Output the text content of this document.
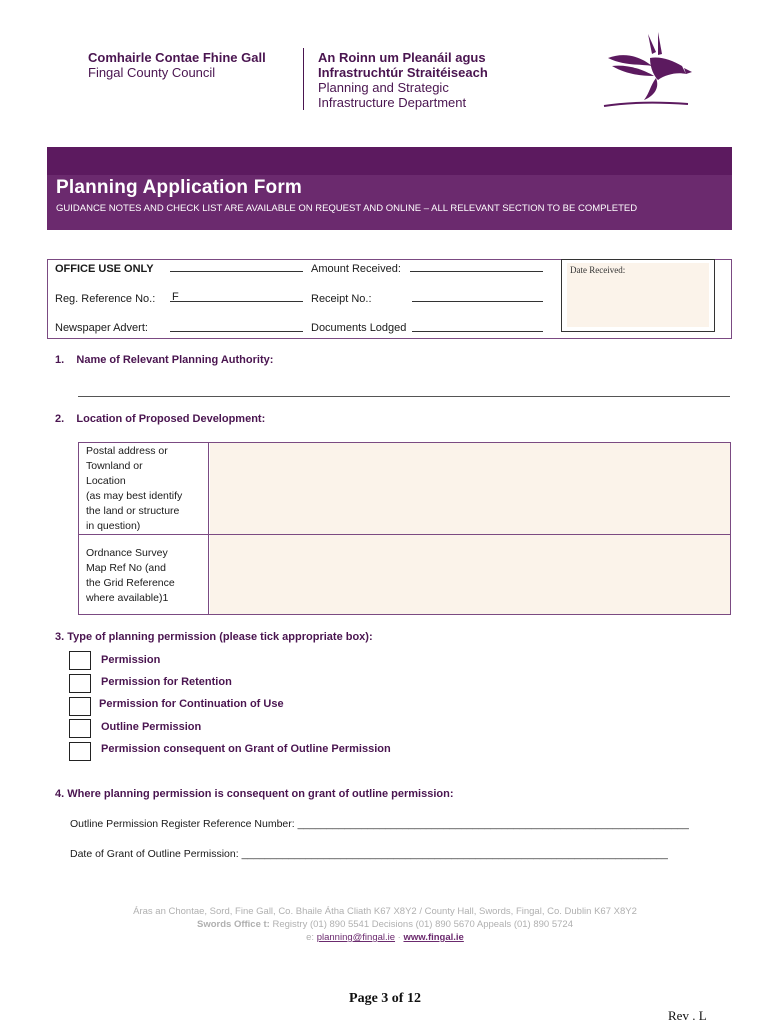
Comhairle Contae Fhine Gall
Fingal County Council
An Roinn um Pleanáil agus
Infrastruchtúr Straitéiseach
Planning and Strategic
Infrastructure Department
Planning Application Form
GUIDANCE NOTES AND CHECK LIST ARE AVAILABLE ON REQUEST AND ONLINE – ALL RELEVANT SECTION TO BE COMPLETED
OFFICE USE ONLY
Reg. Reference No.: F
Newspaper Advert:
Amount Received:
Receipt No.:
Documents Lodged
Date Received:
1.    Name of Relevant Planning Authority:
2.    Location of Proposed Development:
Postal address or
Townland or
Location
(as may best identify
the land or structure
in question)
Ordnance Survey
Map Ref No (and
the Grid Reference
where available)1
3. Type of planning permission (please tick appropriate box):
Permission
Permission for Retention
Permission for Continuation of Use
Outline Permission
Permission consequent on Grant of Outline Permission
4. Where planning permission is consequent on grant of outline permission:
Outline Permission Register Reference Number: ___________________________________________________________________
Date of Grant of Outline Permission: _________________________________________________________________________
Áras an Chontae, Sord, Fine Gall, Co. Bhaile Átha Cliath K67 X8Y2 / County Hall, Swords, Fingal, Co. Dublin K67 X8Y2
Swords Office t: Registry (01) 890 5541 Decisions (01) 890 5670 Appeals (01) 890 5724
e: planning@fingal.ie · www.fingal.ie
Page 3 of 12
Rev . L
